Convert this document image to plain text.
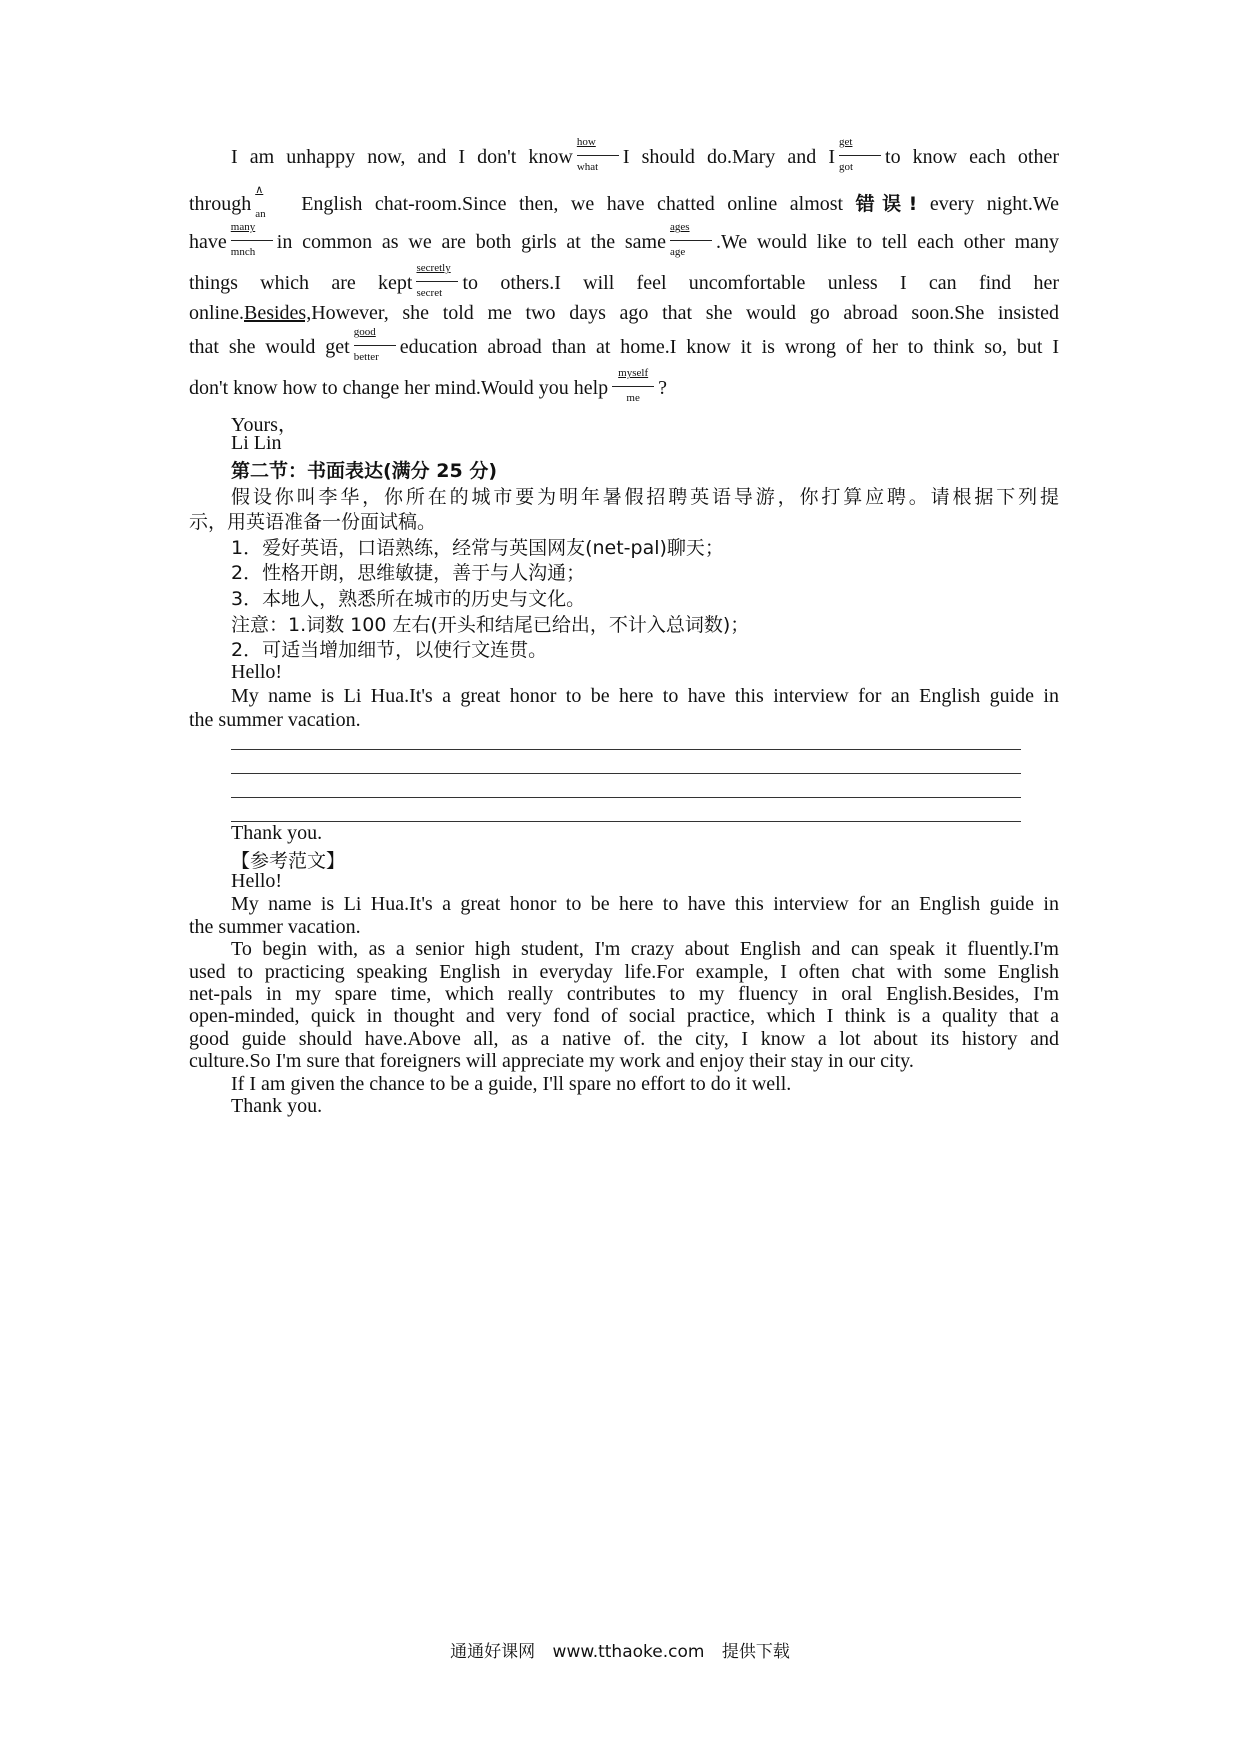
I am unhappy now, and I don't know
how
what	I should do.Mary and I
get
got	to know each other
through
∧
an	English chat-room.Since then, we have chatted online almost 错误! every night.We
have
many
mnch	in common as we are both girls at the same
ages
age	.We would like to tell each other many
things which are kept
secretly
secret	to others.I will feel uncomfortable unless I can find her
online.Besides,However, she told me two days ago that she would go abroad soon.She insisted
that she would get
good
better	education abroad than at home.I know it is wrong of her to think so, but I
don't know how to change her mind.Would you help
myself
me ?
Yours，
Li Lin
第二节：书面表达(满分 25 分)
假设你叫李华，你所在的城市要为明年暑假招聘英语导游，你打算应聘。请根据下列提
示，用英语准备一份面试稿。
1．爱好英语，口语熟练，经常与英国网友(net-pal)聊天；
2．性格开朗，思维敏捷，善于与人沟通；
3．本地人，熟悉所在城市的历史与文化。
注意：1.词数 100 左右(开头和结尾已给出，不计入总词数)；
2．可适当增加细节，以使行文连贯。
Hello!
My name is Li Hua.It's a great honor to be here to have this interview for an English guide in
the summer vacation.
Thank you.
【参考范文】
Hello!
My name is Li Hua.It's a great honor to be here to have this interview for an English guide in
the summer vacation.
To begin with, as a senior high student, I'm crazy about English and can speak it fluently.I'm
used to practicing speaking English in everyday life.For example, I often chat with some English
net-pals in my spare time, which really contributes to my fluency in oral English.Besides, I'm
open-minded, quick in thought and very fond of social practice, which I think is a quality that a
good guide should have.Above all, as a native of. the city, I know a lot about its history and
culture.So I'm sure that foreigners will appreciate my work and enjoy their stay in our city.
If I am given the chance to be a guide, I'll spare no effort to do it well.
Thank you.
通通好课网 www.tthaoke.com 提供下载
